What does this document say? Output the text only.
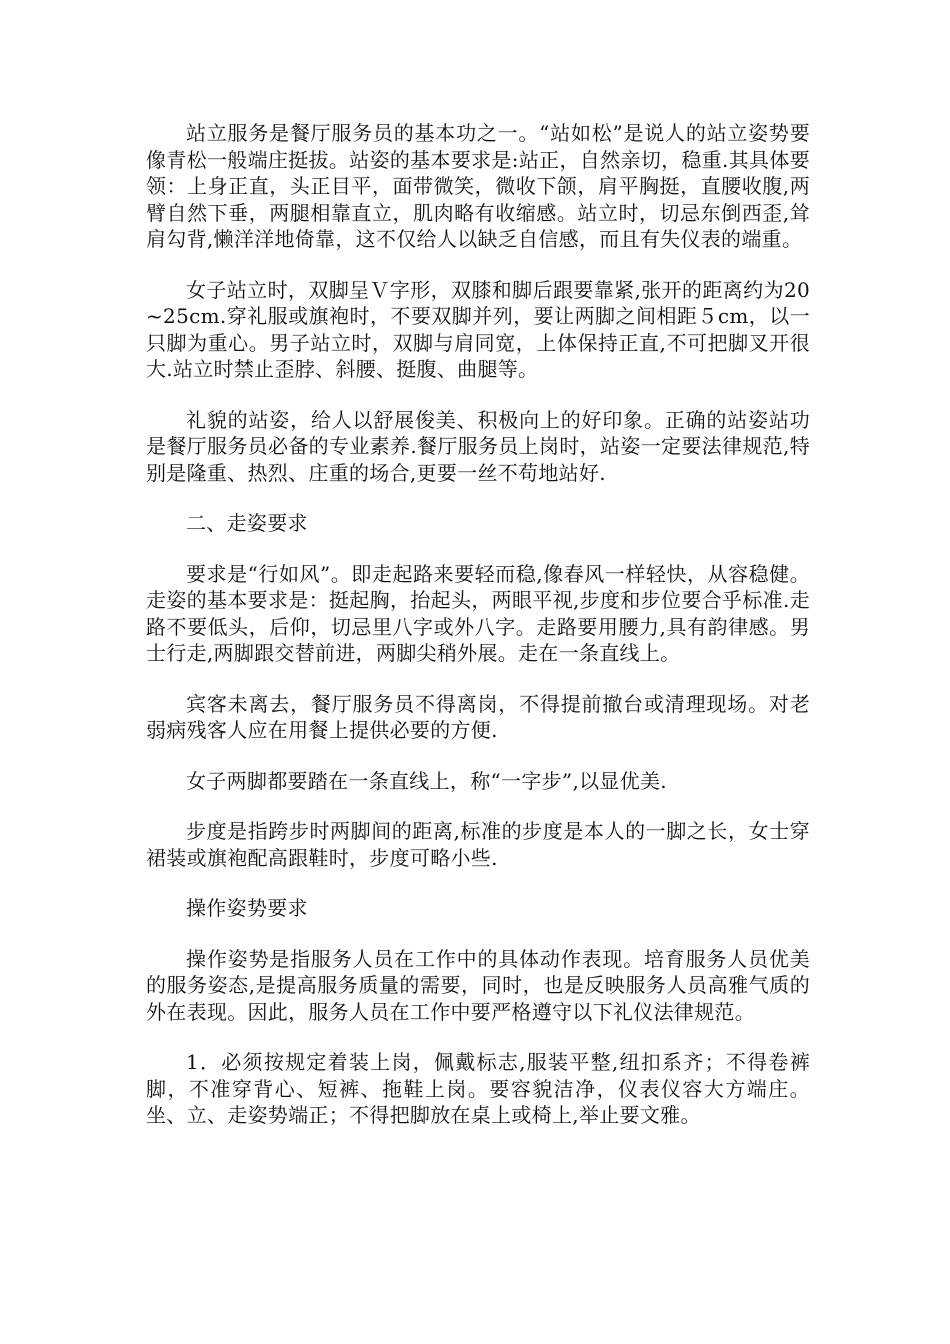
站立服务是餐厅服务员的基本功之一。“站如松”是说人的站立姿势要像青松一般端庄挺拔。站姿的基本要求是:站正，自然亲切，稳重.其具体要领：上身正直，头正目平，面带微笑，微收下颌，肩平胸挺，直腰收腹,两臂自然下垂，两腿相靠直立，肌肉略有收缩感。站立时，切忌东倒西歪,耸肩勾背,懒洋洋地倚靠，这不仅给人以缺乏自信感，而且有失仪表的端重。

女子站立时，双脚呈Ｖ字形，双膝和脚后跟要靠紧,张开的距离约为20~25cm.穿礼服或旗袍时，不要双脚并列，要让两脚之间相距５cm，以一只脚为重心。男子站立时，双脚与肩同宽，上体保持正直,不可把脚叉开很大.站立时禁止歪脖、斜腰、挺腹、曲腿等。

礼貌的站姿，给人以舒展俊美、积极向上的好印象。正确的站姿站功是餐厅服务员必备的专业素养.餐厅服务员上岗时，站姿一定要法律规范,特别是隆重、热烈、庄重的场合,更要一丝不苟地站好.

二、走姿要求

要求是“行如风”。即走起路来要轻而稳,像春风一样轻快，从容稳健。走姿的基本要求是：挺起胸，抬起头，两眼平视,步度和步位要合乎标准.走路不要低头，后仰，切忌里八字或外八字。走路要用腰力,具有韵律感。男士行走,两脚跟交替前进，两脚尖稍外展。走在一条直线上。

宾客未离去，餐厅服务员不得离岗，不得提前撤台或清理现场。对老弱病残客人应在用餐上提供必要的方便.

女子两脚都要踏在一条直线上，称“一字步”,以显优美.

步度是指跨步时两脚间的距离,标准的步度是本人的一脚之长，女士穿裙装或旗袍配高跟鞋时，步度可略小些.

操作姿势要求

操作姿势是指服务人员在工作中的具体动作表现。培育服务人员优美的服务姿态,是提高服务质量的需要，同时，也是反映服务人员高雅气质的外在表现。因此，服务人员在工作中要严格遵守以下礼仪法律规范。

1．必须按规定着装上岗，佩戴标志,服装平整,纽扣系齐；不得卷裤脚，不准穿背心、短裤、拖鞋上岗。要容貌洁净，仪表仪容大方端庄。坐、立、走姿势端正；不得把脚放在桌上或椅上,举止要文雅。
